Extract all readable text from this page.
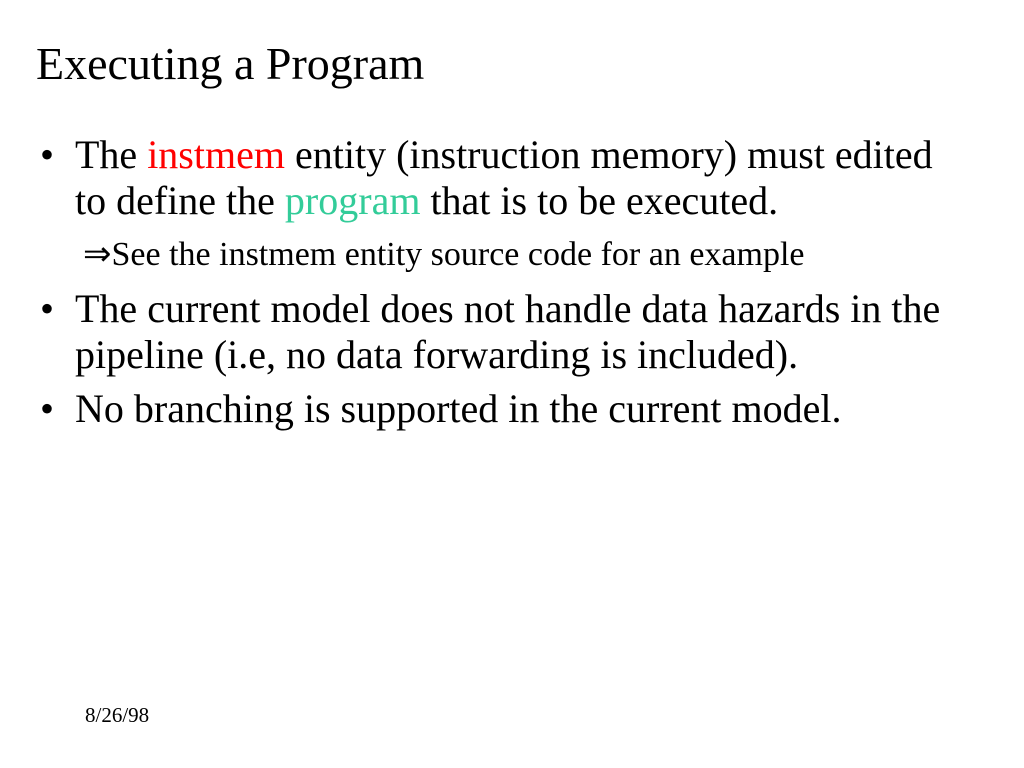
Executing a Program
• The instmem entity (instruction memory) must edited to define the program that is to be executed.
⇒ See the instmem entity source code for an example
• The current model does not handle data hazards in the pipeline (i.e, no data forwarding is included).
• No branching is supported in the current model.
8/26/98
